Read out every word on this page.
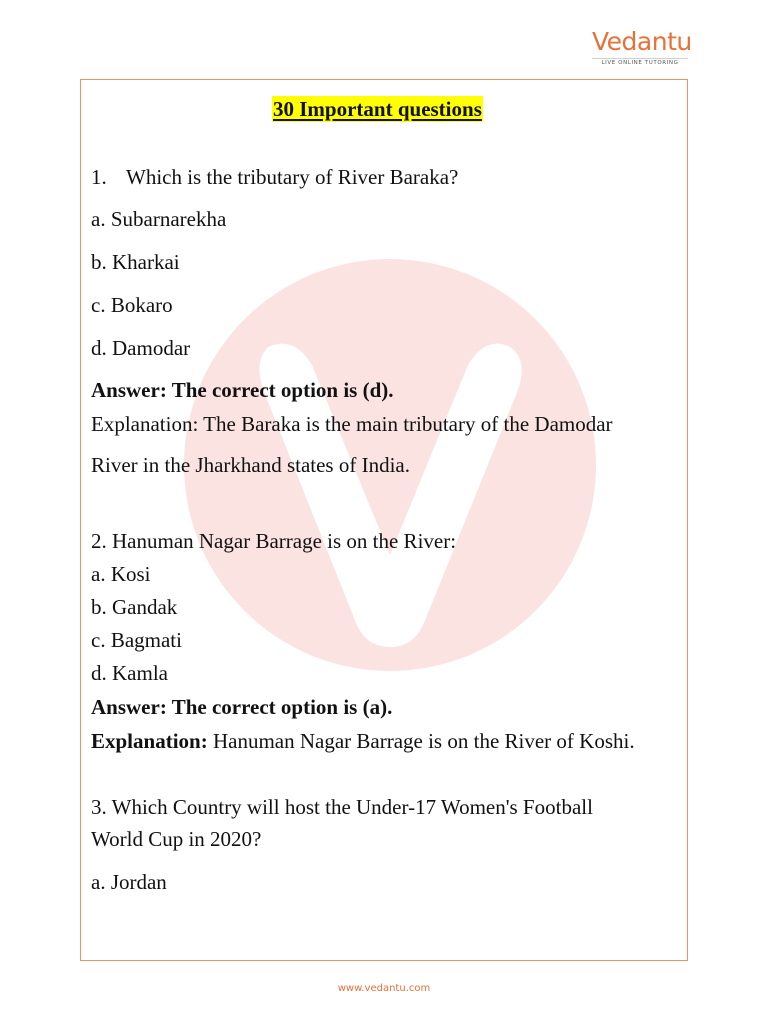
Vedantu
LIVE ONLINE TUTORING
30 Important questions
1. Which is the tributary of River Baraka?
a. Subarnarekha
b. Kharkai
c. Bokaro
d. Damodar
Answer: The correct option is (d).
Explanation: The Baraka is the main tributary of the Damodar
River in the Jharkhand states of India.
2. Hanuman Nagar Barrage is on the River:
a. Kosi
b. Gandak
c. Bagmati
d. Kamla
Answer: The correct option is (a).
Explanation: Hanuman Nagar Barrage is on the River of Koshi.
3. Which Country will host the Under-17 Women's Football
World Cup in 2020?
a. Jordan
www.vedantu.com
